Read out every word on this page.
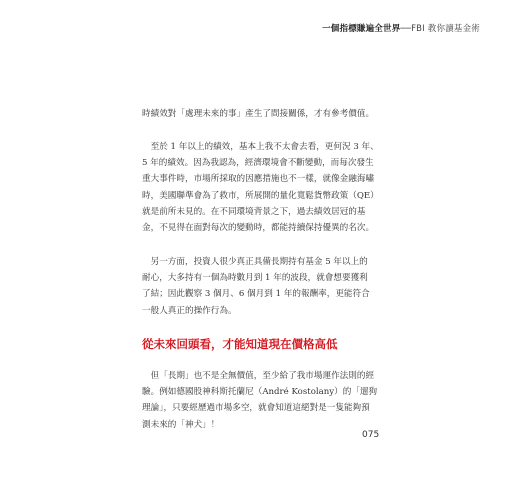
一個指標賺遍全世界──FBI 教你讀基金術
時績效對「處理未來的事」產生了間接關係，才有參考價值。
　至於 1 年以上的績效，基本上我不太會去看，更何況 3 年、
5 年的績效。因為我認為，經濟環境會不斷變動，而每次發生
重大事件時，市場所採取的因應措施也不一樣，就像金融海嘯
時，美國聯準會為了救市，所展開的量化寬鬆貨幣政策（QE）
就是前所未見的。在不同環境背景之下，過去績效居冠的基
金，不見得在面對每次的變動時，都能持續保持優異的名次。
　另一方面，投資人很少真正具備長期持有基金 5 年以上的
耐心，大多持有一個為時數月到 1 年的波段，就會想要獲利
了結；因此觀察 3 個月、6 個月到 1 年的報酬率，更能符合
一般人真正的操作行為。
從未來回頭看，才能知道現在價格高低
　但「長期」也不是全無價值，至少給了我市場運作法則的經
驗。例如德國股神科斯托蘭尼（André Kostolany）的「遛狗
理論」，只要經歷過市場多空，就會知道這絕對是一隻能夠預
測未來的「神犬」！
075
